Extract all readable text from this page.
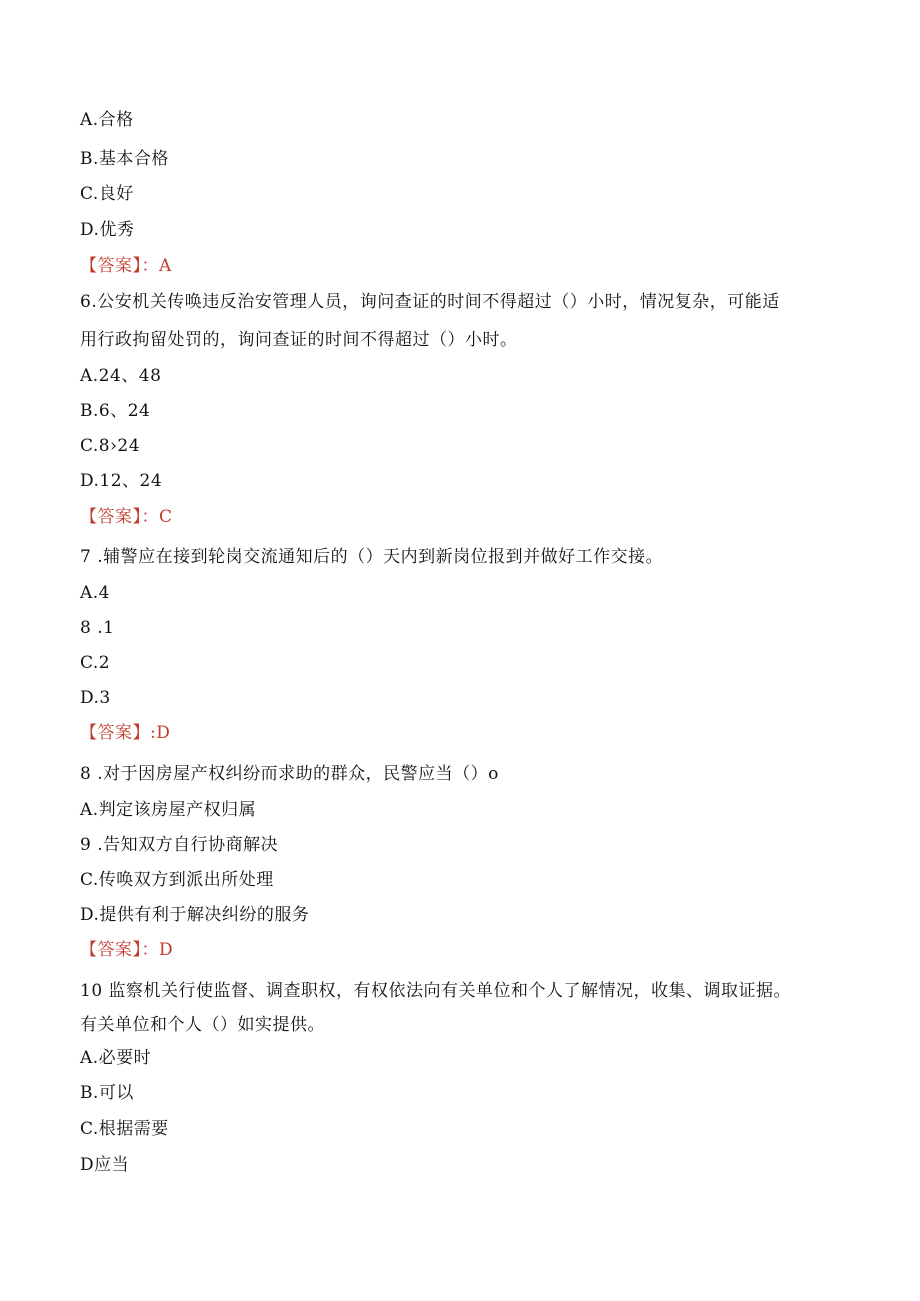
A.合格
B.基本合格
C.良好
D.优秀
【答案】：A
6.公安机关传唤违反治安管理人员，询问查证的时间不得超过（）小时，情况复杂，可能适
用行政拘留处罚的，询问查证的时间不得超过（）小时。
A.24、48
B.6、24
C.8›24
D.12、24
【答案】：C
7 .辅警应在接到轮岗交流通知后的（）天内到新岗位报到并做好工作交接。
A.4
8 .1
C.2
D.3
【答案】:D
8 .对于因房屋产权纠纷而求助的群众，民警应当（）o
A.判定该房屋产权归属
9 .告知双方自行协商解决
C.传唤双方到派出所处理
D.提供有利于解决纠纷的服务
【答案】：D
10 监察机关行使监督、调查职权，有权依法向有关单位和个人了解情况，收集、调取证据。
有关单位和个人（）如实提供。
A.必要时
B.可以
C.根据需要
D应当
